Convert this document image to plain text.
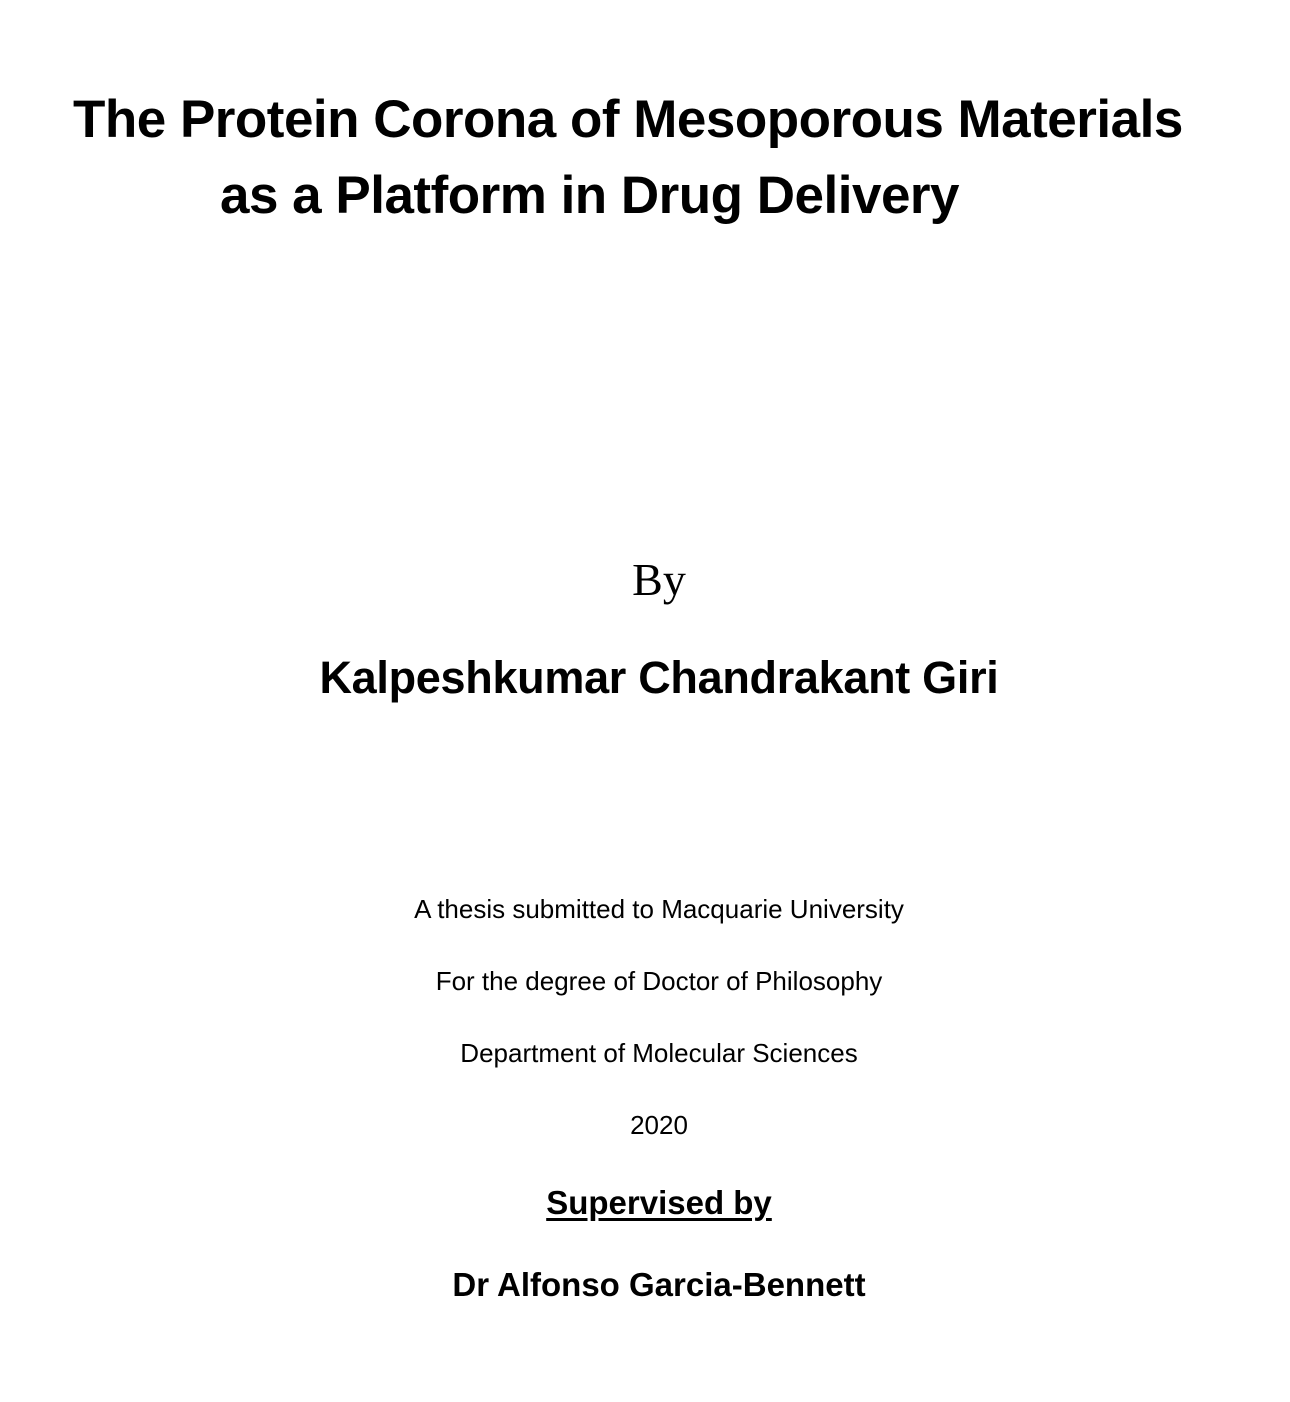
The Protein Corona of Mesoporous Materials
as a Platform in Drug Delivery
By
Kalpeshkumar Chandrakant Giri
A thesis submitted to Macquarie University
For the degree of Doctor of Philosophy
Department of Molecular Sciences
2020
Supervised by
Dr Alfonso Garcia-Bennett
